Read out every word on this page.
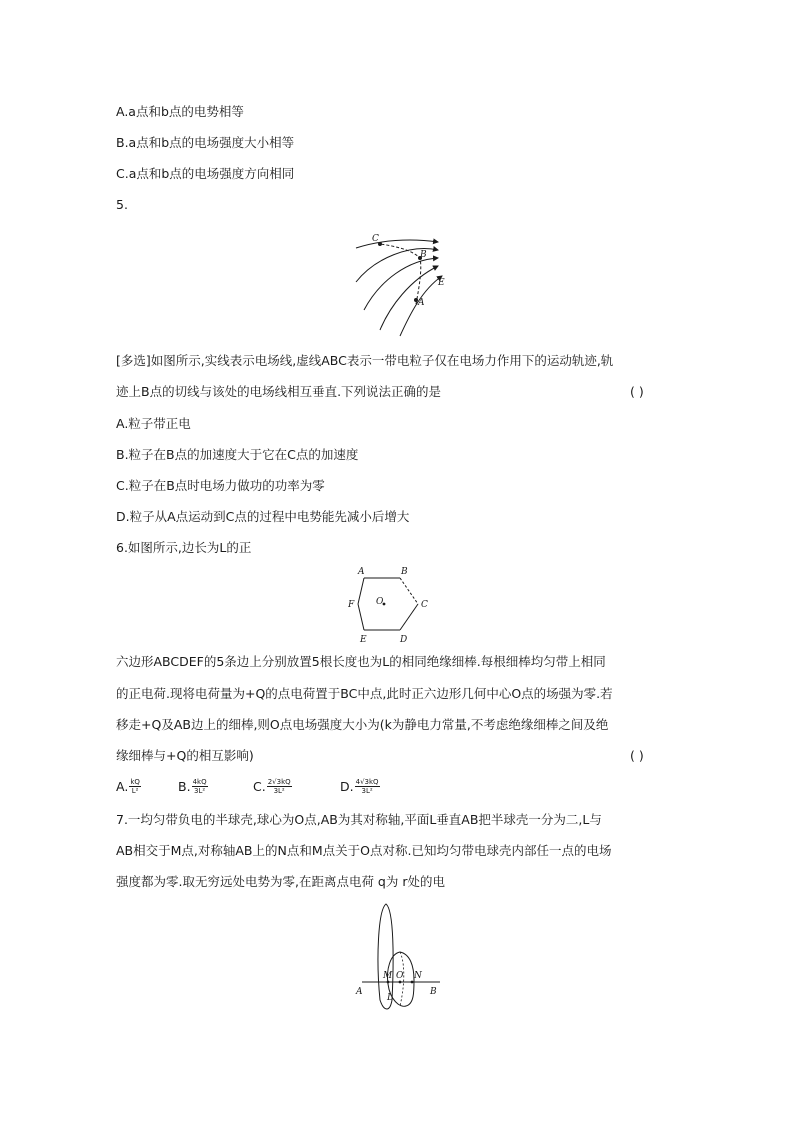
A.a点和b点的电势相等
B.a点和b点的电场强度大小相等
C.a点和b点的电场强度方向相同
5.
C
B
E
A
[多选]如图所示,实线表示电场线,虚线ABC表示一带电粒子仅在电场力作用下的运动轨迹,轨
迹上B点的切线与该处的电场线相互垂直.下列说法正确的是	( )
A.粒子带正电
B.粒子在B点的加速度大于它在C点的加速度
C.粒子在B点时电场力做功的功率为零
D.粒子从A点运动到C点的过程中电势能先减小后增大
6.如图所示,边长为L的正
A	B
C
D
E
F O
六边形ABCDEF的5条边上分别放置5根长度也为L的相同绝缘细棒.每根细棒均匀带上相同
的正电荷.现将电荷量为+Q的点电荷置于BC中点,此时正六边形几何中心O点的场强为零.若
移走+Q及AB边上的细棒,则O点电场强度大小为(k为静电力常量,不考虑绝缘细棒之间及绝
缘细棒与+Q的相互影响)	( )
A. $\frac{kQ}{\text{L²}}$	B. $\frac{4kQ}{\text{3L²}}$	C. $\frac{2√3kQ}{\text{3L²}}$	D. $\frac{4√3kQ}{\text{3L²}}$
7.一均匀带负电的半球壳,球心为O点,AB为其对称轴,平面L垂直AB把半球壳一分为二,L与
AB相交于M点,对称轴AB上的N点和M点关于O点对称.已知均匀带电球壳内部任一点的电场
强度都为零.取无穷远处电势为零,在距离点电荷 q为 r处的电
A	B
M O N
L
